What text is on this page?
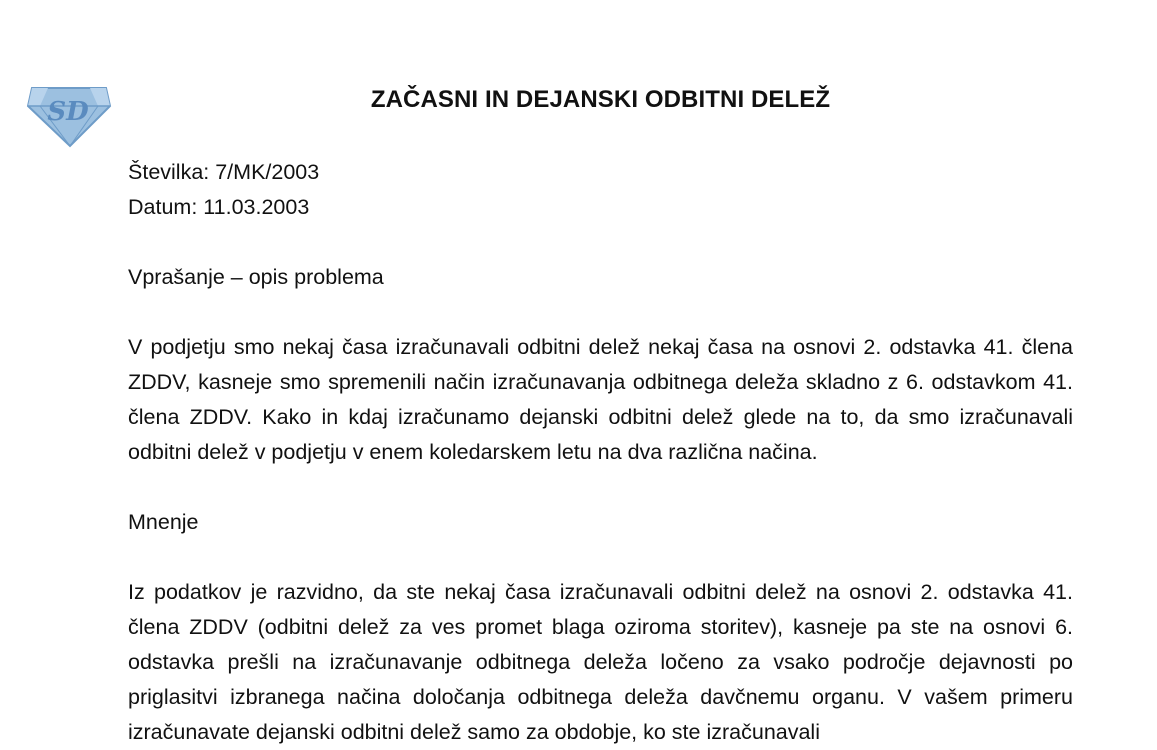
SD	ZAČASNI IN DEJANSKI ODBITNI DELEŽ

Številka: 7/MK/2003

Datum: 11.03.2003

Vprašanje – opis problema

V podjetju smo nekaj časa izračunavali odbitni delež nekaj časa na osnovi 2. odstavka 41. člena ZDDV, kasneje smo spremenili način izračunavanja odbitnega deleža skladno z 6. odstavkom 41. člena ZDDV. Kako in kdaj izračunamo dejanski odbitni delež glede na to, da smo izračunavali odbitni delež v podjetju v enem koledarskem letu na dva različna načina.

Mnenje

Iz podatkov je razvidno, da ste nekaj časa izračunavali odbitni delež na osnovi 2. odstavka 41. člena ZDDV (odbitni delež za ves promet blaga oziroma storitev), kasneje pa ste na osnovi 6. odstavka prešli na izračunavanje odbitnega deleža ločeno za vsako področje dejavnosti po priglasitvi izbranega načina določanja odbitnega deleža davčnemu organu. V vašem primeru izračunavate dejanski odbitni delež samo za obdobje, ko ste izračunavali
